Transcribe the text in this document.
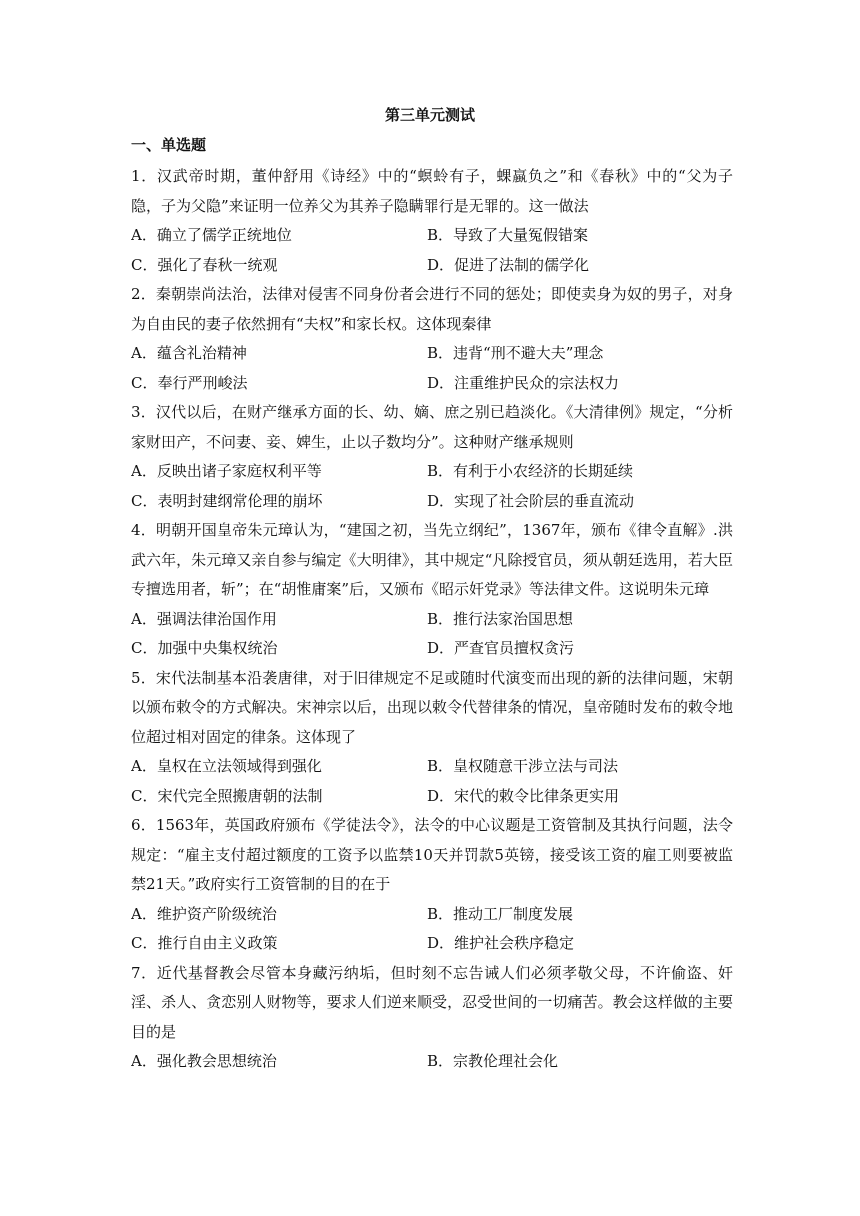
第三单元测试
一、单选题

1．汉武帝时期，董仲舒用《诗经》中的“螟蛉有子，蜾蠃负之”和《春秋》中的“父为子隐，子为父隐”来证明一位养父为其养子隐瞒罪行是无罪的。这一做法

A．确立了儒学正统地位	B．导致了大量冤假错案
C．强化了春秋一统观	D．促进了法制的儒学化

2．秦朝崇尚法治，法律对侵害不同身份者会进行不同的惩处；即使卖身为奴的男子，对身为自由民的妻子依然拥有“夫权”和家长权。这体现秦律

A．蕴含礼治精神	B．违背“刑不避大夫”理念
C．奉行严刑峻法	D．注重维护民众的宗法权力

3．汉代以后，在财产继承方面的长、幼、嫡、庶之别已趋淡化。《大清律例》规定，“分析家财田产，不问妻、妾、婢生，止以子数均分”。这种财产继承规则

A．反映出诸子家庭权利平等	B．有利于小农经济的长期延续
C．表明封建纲常伦理的崩坏	D．实现了社会阶层的垂直流动

4．明朝开国皇帝朱元璋认为，“建国之初，当先立纲纪”，1367年，颁布《律令直解》.洪武六年，朱元璋又亲自参与编定《大明律》，其中规定“凡除授官员，须从朝廷选用，若大臣专擅选用者，斩”；在“胡惟庸案”后，又颁布《昭示奸党录》等法律文件。这说明朱元璋

A．强调法律治国作用	B．推行法家治国思想
C．加强中央集权统治	D．严查官员擅权贪污

5．宋代法制基本沿袭唐律，对于旧律规定不足或随时代演变而出现的新的法律问题，宋朝以颁布敕令的方式解决。宋神宗以后，出现以敕令代替律条的情况，皇帝随时发布的敕令地位超过相对固定的律条。这体现了

A．皇权在立法领域得到强化	B．皇权随意干涉立法与司法
C．宋代完全照搬唐朝的法制	D．宋代的敕令比律条更实用

6．1563年，英国政府颁布《学徒法令》，法令的中心议题是工资管制及其执行问题，法令规定：“雇主支付超过额度的工资予以监禁10天并罚款5英镑，接受该工资的雇工则要被监禁21天。”政府实行工资管制的目的在于

A．维护资产阶级统治	B．推动工厂制度发展
C．推行自由主义政策	D．维护社会秩序稳定

7．近代基督教会尽管本身藏污纳垢，但时刻不忘告诫人们必须孝敬父母，不许偷盗、奸淫、杀人、贪恋别人财物等，要求人们逆来顺受，忍受世间的一切痛苦。教会这样做的主要目的是

A．强化教会思想统治	B．宗教伦理社会化
